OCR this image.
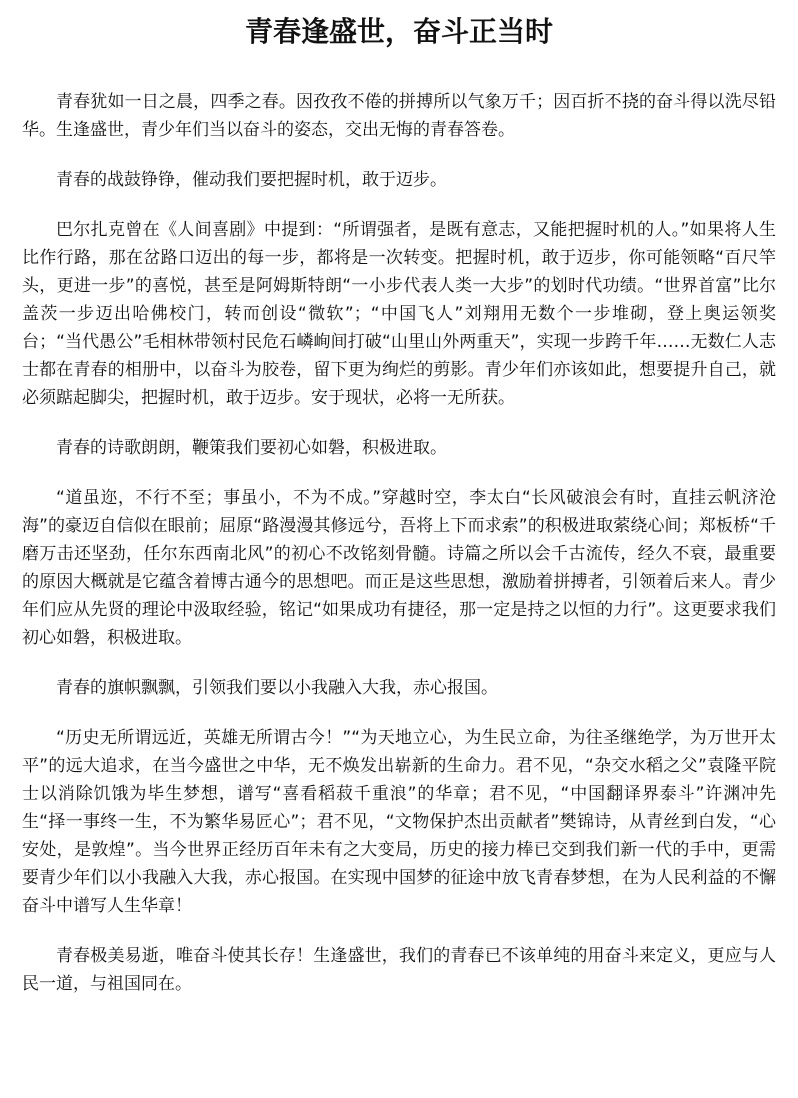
青春逢盛世，奋斗正当时

青春犹如一日之晨，四季之春。因孜孜不倦的拼搏所以气象万千；因百折不挠的奋斗得以洗尽铅华。生逢盛世，青少年们当以奋斗的姿态，交出无悔的青春答卷。

青春的战鼓铮铮，催动我们要把握时机，敢于迈步。

巴尔扎克曾在《人间喜剧》中提到：“所谓强者，是既有意志，又能把握时机的人。”如果将人生比作行路，那在岔路口迈出的每一步，都将是一次转变。把握时机，敢于迈步，你可能领略“百尺竿头，更进一步”的喜悦，甚至是阿姆斯特朗“一小步代表人类一大步”的划时代功绩。“世界首富”比尔盖茨一步迈出哈佛校门，转而创设“微软”；“中国飞人”刘翔用无数个一步堆砌，登上奥运领奖台；“当代愚公”毛相林带领村民危石嶙峋间打破“山里山外两重天”，实现一步跨千年……无数仁人志士都在青春的相册中，以奋斗为胶卷，留下更为绚烂的剪影。青少年们亦该如此，想要提升自己，就必须踮起脚尖，把握时机，敢于迈步。安于现状，必将一无所获。

青春的诗歌朗朗，鞭策我们要初心如磐，积极进取。

“道虽迩，不行不至；事虽小，不为不成。”穿越时空，李太白“长风破浪会有时，直挂云帆济沧海”的豪迈自信似在眼前；屈原“路漫漫其修远兮，吾将上下而求索”的积极进取萦绕心间；郑板桥“千磨万击还坚劲，任尔东西南北风”的初心不改铭刻骨髓。诗篇之所以会千古流传，经久不衰，最重要的原因大概就是它蕴含着博古通今的思想吧。而正是这些思想，激励着拼搏者，引领着后来人。青少年们应从先贤的理论中汲取经验，铭记“如果成功有捷径，那一定是持之以恒的力行”。这更要求我们初心如磐，积极进取。

青春的旗帜飘飘，引领我们要以小我融入大我，赤心报国。

“历史无所谓远近，英雄无所谓古今！”“为天地立心，为生民立命，为往圣继绝学，为万世开太平”的远大追求，在当今盛世之中华，无不焕发出崭新的生命力。君不见，“杂交水稻之父”袁隆平院士以消除饥饿为毕生梦想，谱写“喜看稻菽千重浪”的华章；君不见，“中国翻译界泰斗”许渊冲先生“择一事终一生，不为繁华易匠心”；君不见，“文物保护杰出贡献者”樊锦诗，从青丝到白发，“心安处，是敦煌”。当今世界正经历百年未有之大变局，历史的接力棒已交到我们新一代的手中，更需要青少年们以小我融入大我，赤心报国。在实现中国梦的征途中放飞青春梦想，在为人民利益的不懈奋斗中谱写人生华章！

青春极美易逝，唯奋斗使其长存！生逢盛世，我们的青春已不该单纯的用奋斗来定义，更应与人民一道，与祖国同在。
